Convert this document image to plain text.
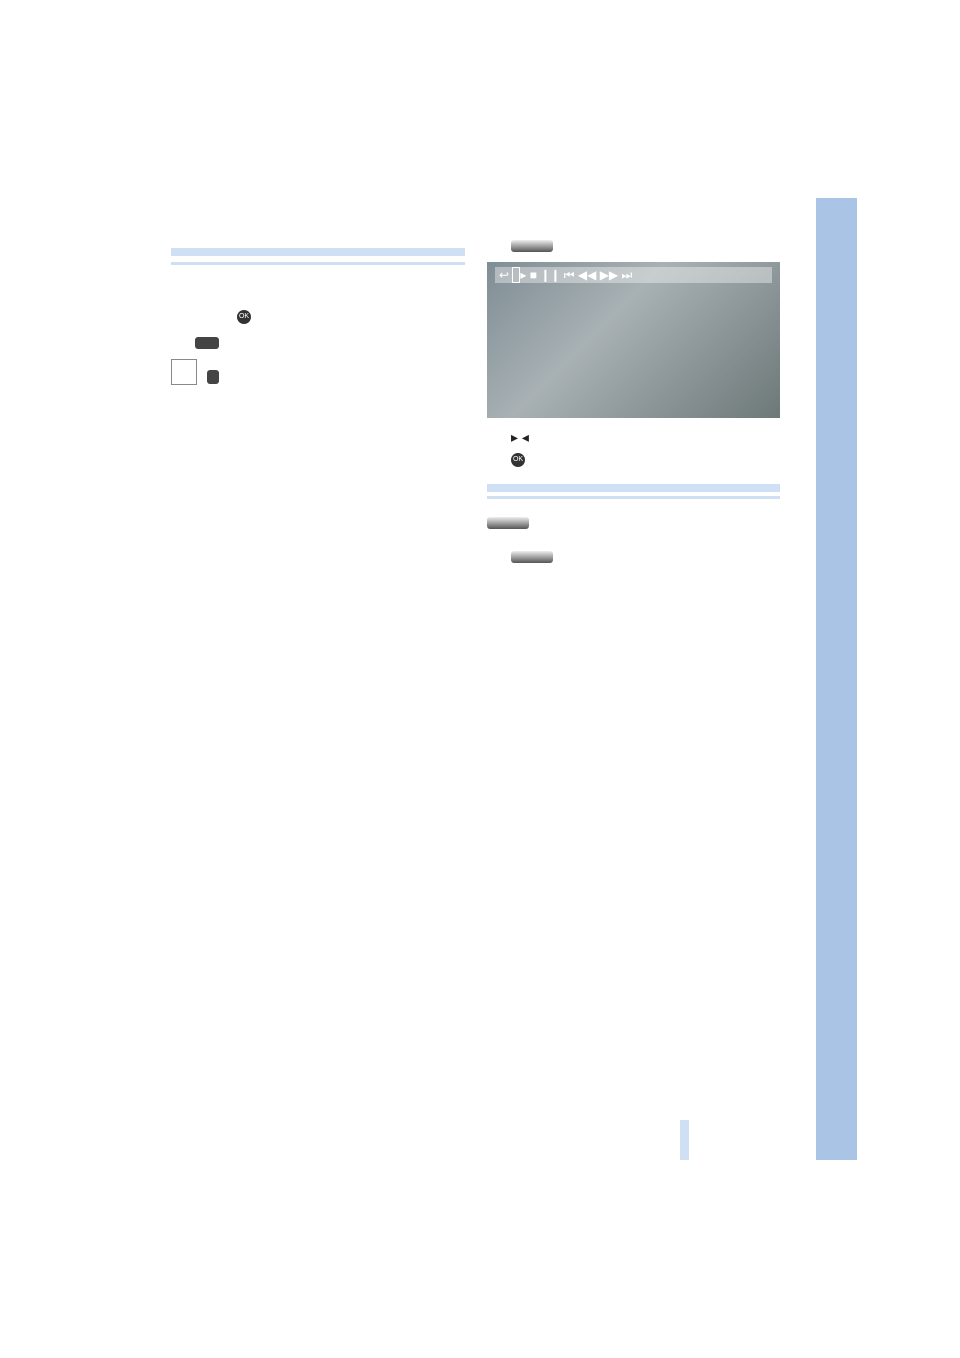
OK

↩ ▸ ■ ❙❙ ⏮ ◀◀ ▶▶ ⏭
▸ ◂
OK
